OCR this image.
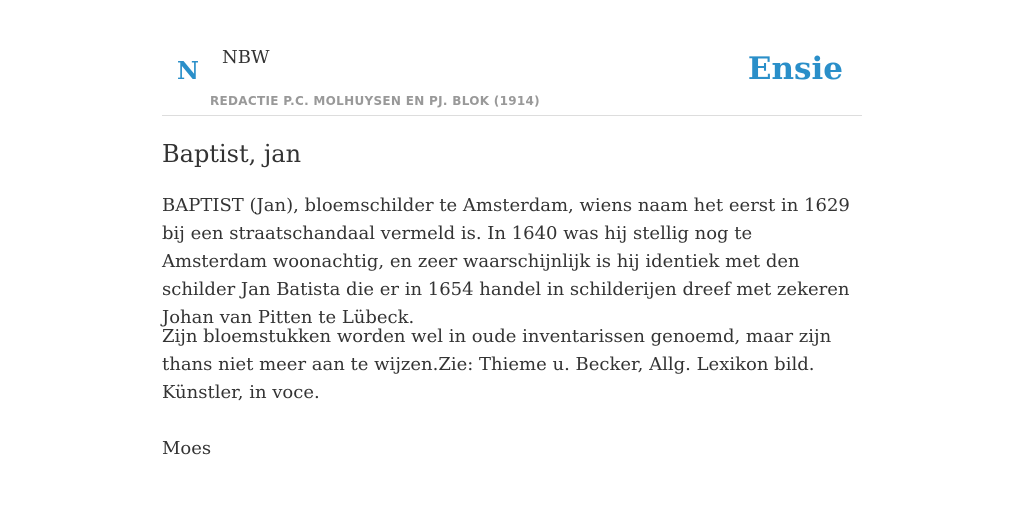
N NBW
REDACTIE P.C. MOLHUYSEN EN PJ. BLOK (1914)
Ensie
Baptist, jan

BAPTIST (Jan), bloemschilder te Amsterdam, wiens naam het eerst in 1629 bij een straatschandaal vermeld is. In 1640 was hij stellig nog te Amsterdam woonachtig, en zeer waarschijnlijk is hij identiek met den schilder Jan Batista die er in 1654 handel in schilderijen dreef met zekeren Johan van Pitten te Lübeck.

Zijn bloemstukken worden wel in oude inventarissen genoemd, maar zijn thans niet meer aan te wijzen.Zie: Thieme u. Becker, Allg. Lexikon bild. Künstler, in voce.

Moes
